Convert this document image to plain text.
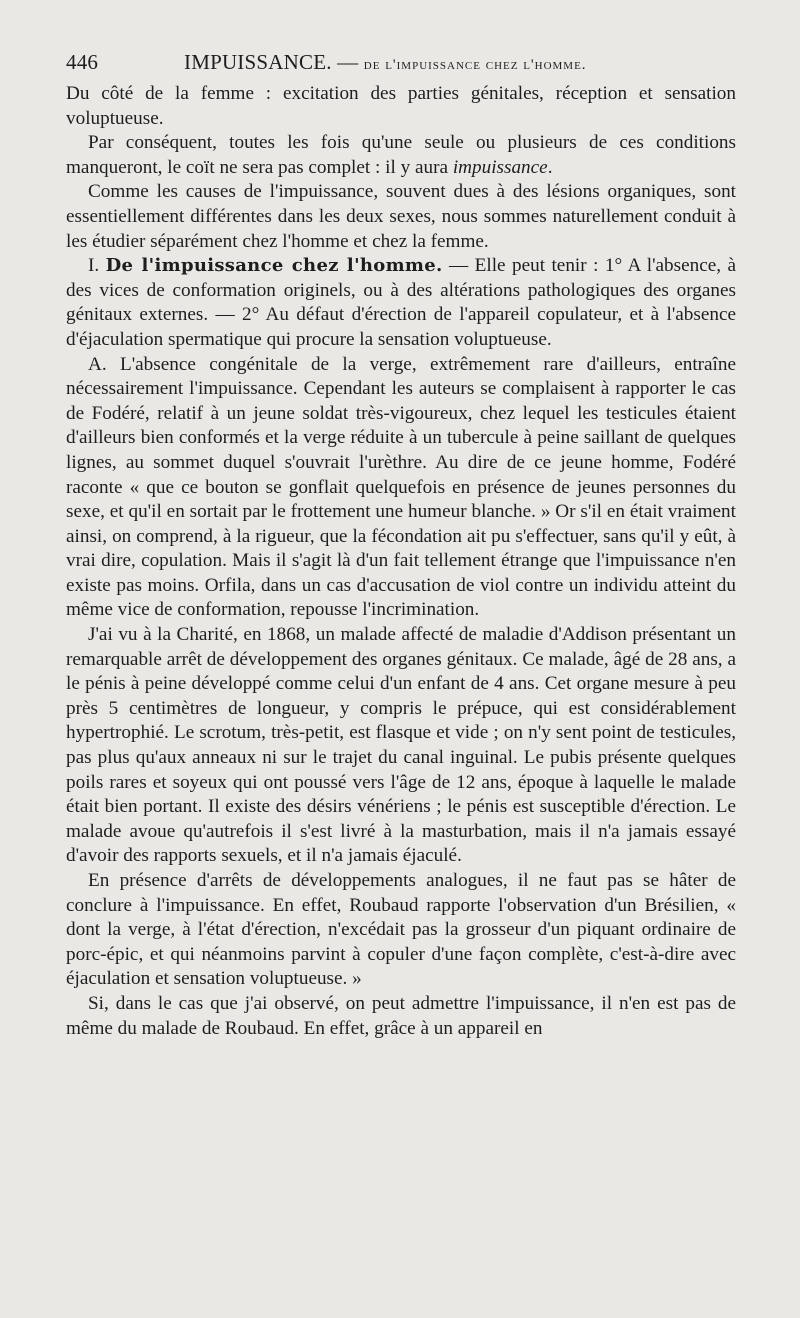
446	IMPUISSANCE. — de l'impuissance chez l'homme.

Du côté de la femme : excitation des parties génitales, réception et sensation voluptueuse.

Par conséquent, toutes les fois qu'une seule ou plusieurs de ces conditions manqueront, le coït ne sera pas complet : il y aura impuissance.

Comme les causes de l'impuissance, souvent dues à des lésions organiques, sont essentiellement différentes dans les deux sexes, nous sommes naturellement conduit à les étudier séparément chez l'homme et chez la femme.

I. De l'impuissance chez l'homme. — Elle peut tenir : 1° A l'absence, à des vices de conformation originels, ou à des altérations pathologiques des organes génitaux externes. — 2° Au défaut d'érection de l'appareil copulateur, et à l'absence d'éjaculation spermatique qui procure la sensation voluptueuse.

A. L'absence congénitale de la verge, extrêmement rare d'ailleurs, entraîne nécessairement l'impuissance. Cependant les auteurs se complaisent à rapporter le cas de Fodéré, relatif à un jeune soldat très-vigoureux, chez lequel les testicules étaient d'ailleurs bien conformés et la verge réduite à un tubercule à peine saillant de quelques lignes, au sommet duquel s'ouvrait l'urèthre. Au dire de ce jeune homme, Fodéré raconte « que ce bouton se gonflait quelquefois en présence de jeunes personnes du sexe, et qu'il en sortait par le frottement une humeur blanche. » Or s'il en était vraiment ainsi, on comprend, à la rigueur, que la fécondation ait pu s'effectuer, sans qu'il y eût, à vrai dire, copulation. Mais il s'agit là d'un fait tellement étrange que l'impuissance n'en existe pas moins. Orfila, dans un cas d'accusation de viol contre un individu atteint du même vice de conformation, repousse l'incrimination.

J'ai vu à la Charité, en 1868, un malade affecté de maladie d'Addison présentant un remarquable arrêt de développement des organes génitaux. Ce malade, âgé de 28 ans, a le pénis à peine développé comme celui d'un enfant de 4 ans. Cet organe mesure à peu près 5 centimètres de longueur, y compris le prépuce, qui est considérablement hypertrophié. Le scrotum, très-petit, est flasque et vide ; on n'y sent point de testicules, pas plus qu'aux anneaux ni sur le trajet du canal inguinal. Le pubis présente quelques poils rares et soyeux qui ont poussé vers l'âge de 12 ans, époque à laquelle le malade était bien portant. Il existe des désirs vénériens ; le pénis est susceptible d'érection. Le malade avoue qu'autrefois il s'est livré à la masturbation, mais il n'a jamais essayé d'avoir des rapports sexuels, et il n'a jamais éjaculé.

En présence d'arrêts de développements analogues, il ne faut pas se hâter de conclure à l'impuissance. En effet, Roubaud rapporte l'observation d'un Brésilien, « dont la verge, à l'état d'érection, n'excédait pas la grosseur d'un piquant ordinaire de porc-épic, et qui néanmoins parvint à copuler d'une façon complète, c'est-à-dire avec éjaculation et sensation voluptueuse. »

Si, dans le cas que j'ai observé, on peut admettre l'impuissance, il n'en est pas de même du malade de Roubaud. En effet, grâce à un appareil en
